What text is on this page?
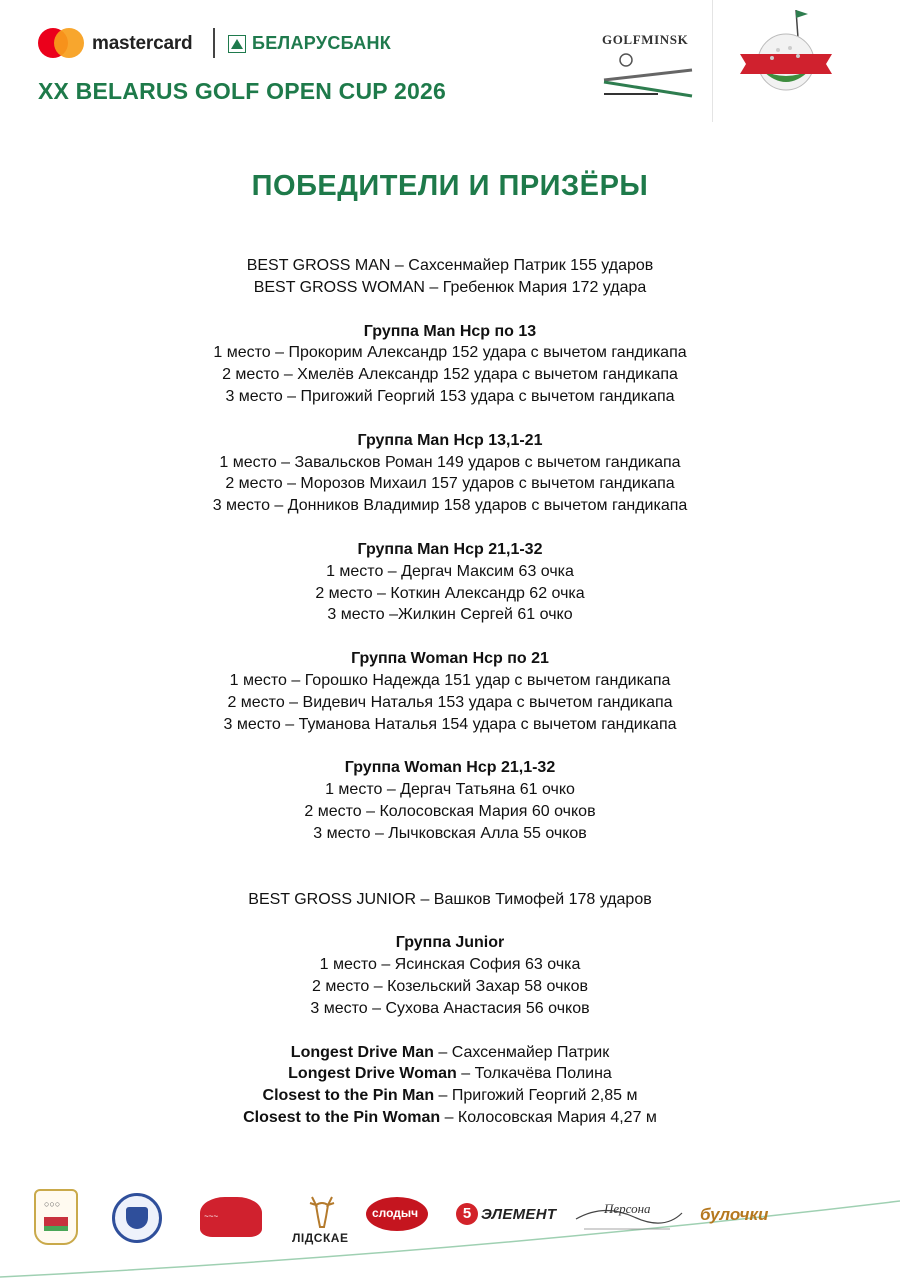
mastercard	БЕЛАРУСБАНК
XX BELARUS GOLF OPEN CUP 2026
GOLFMINSK
ПОБЕДИТЕЛИ И ПРИЗЁРЫ
BEST GROSS MAN – Сахсенмайер Патрик 155 ударов
BEST GROSS WOMAN – Гребенюк Мария 172 удара
Группа Man Hcp по 13
1 место – Прокорим Александр 152 удара с вычетом гандикапа
2 место – Хмелёв Александр 152 удара с вычетом гандикапа
3 место – Пригожий Георгий 153 удара с вычетом гандикапа
Группа Man Hcp 13,1-21
1 место – Завальсков Роман 149 ударов с вычетом гандикапа
2 место – Морозов Михаил 157 ударов с вычетом гандикапа
3 место – Донников Владимир 158 ударов с вычетом гандикапа
Группа Man Hcp 21,1-32
1 место – Дергач Максим 63 очка
2 место – Коткин Александр 62 очка
3 место –Жилкин Сергей 61 очко
Группа Woman Hcp по 21
1 место – Горошко Надежда 151 удар с вычетом гандикапа
2 место – Видевич Наталья 153 удара с вычетом гандикапа
3 место – Туманова Наталья 154 удара с вычетом гандикапа
Группа Woman Hcp 21,1-32
1 место – Дергач Татьяна 61 очко
2 место – Колосовская Мария 60 очков
3 место – Лычковская Алла 55 очков
BEST GROSS JUNIOR – Вашков Тимофей 178 ударов
Группа Junior
1 место – Ясинская София 63 очка
2 место – Козельский Захар 58 очков
3 место – Сухова Анастасия 56 очков
Longest Drive Man – Сахсенмайер Патрик
Longest Drive Woman – Толкачёва Полина
Closest to the Pin Man – Пригожий Георгий 2,85 м
Closest to the Pin Woman – Колосовская Мария 4,27 м
○○○
~~~
ЛIДСКАЕ
слодыч	5 ЭЛЕМЕНТ	Персона	булочки
